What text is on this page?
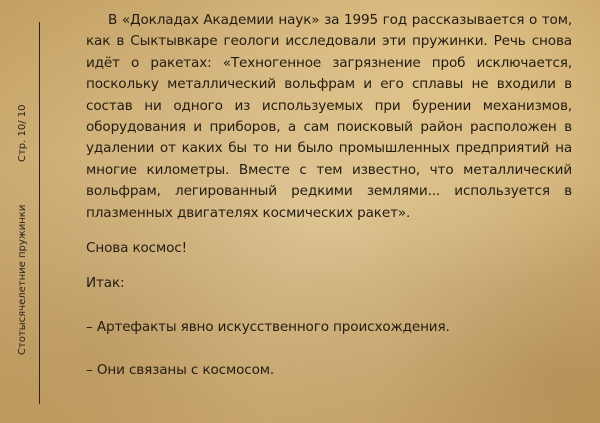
Стр. 10/ 10
Стотысячелетние пружинки

В «Докладах Академии наук» за 1995 год рассказывается о том, как в Сыктывкаре геологи исследовали эти пружинки. Речь снова идёт о ракетах: «Техногенное загрязнение проб исключается, поскольку металлический вольфрам и его сплавы не входили в состав ни одного из используемых при бурении механизмов, оборудования и приборов, а сам поисковый район расположен в удалении от каких бы то ни было промышленных предприятий на многие километры. Вместе с тем известно, что металлический вольфрам, легированный редкими землями... используется в плазменных двигателях космических ракет».

Снова космос!

Итак:

– Артефакты явно искусственного происхождения.

– Они связаны с космосом.
